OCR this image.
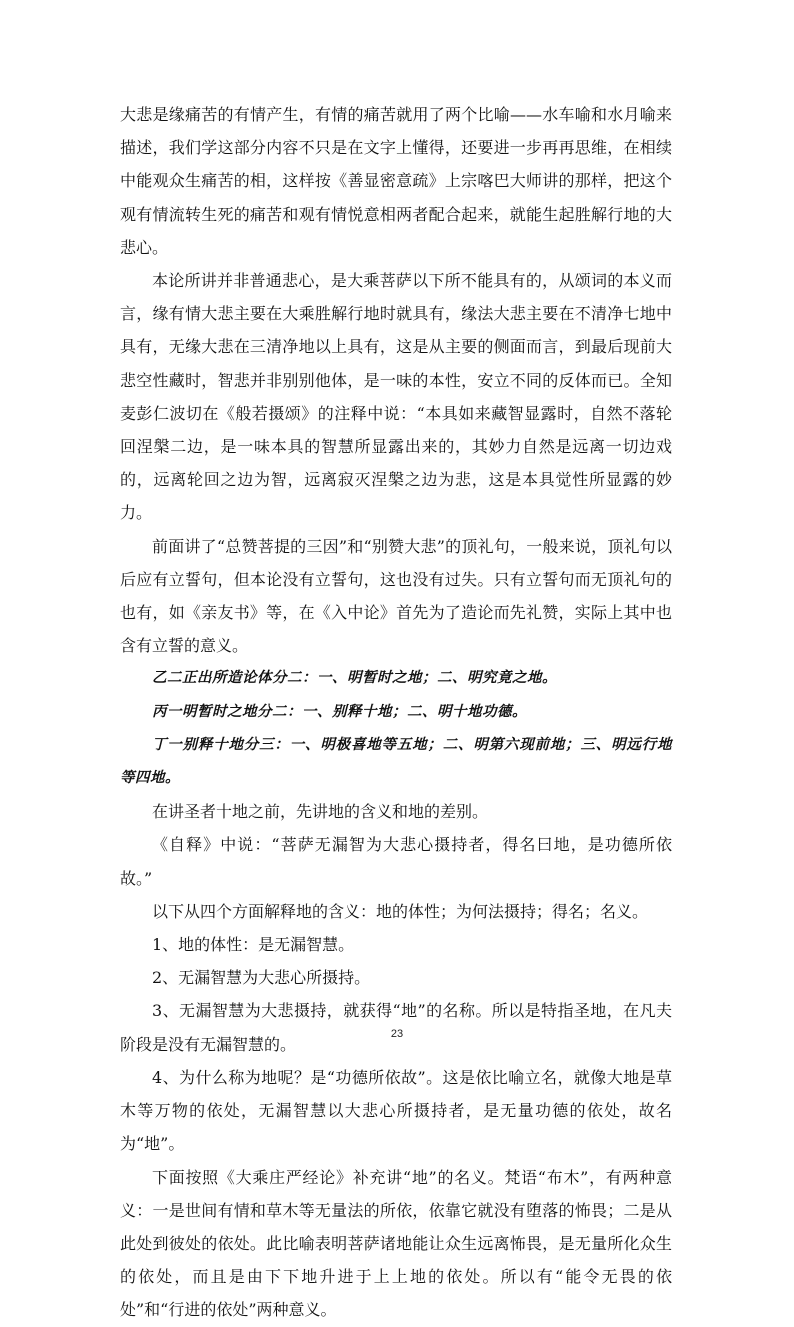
大悲是缘痛苦的有情产生，有情的痛苦就用了两个比喻——水车喻和水月喻来描述，我们学这部分内容不只是在文字上懂得，还要进一步再再思维，在相续中能观众生痛苦的相，这样按《善显密意疏》上宗喀巴大师讲的那样，把这个观有情流转生死的痛苦和观有情悦意相两者配合起来，就能生起胜解行地的大悲心。

本论所讲并非普通悲心，是大乘菩萨以下所不能具有的，从颂词的本义而言，缘有情大悲主要在大乘胜解行地时就具有，缘法大悲主要在不清净七地中具有，无缘大悲在三清净地以上具有，这是从主要的侧面而言，到最后现前大悲空性藏时，智悲并非别别他体，是一味的本性，安立不同的反体而已。全知麦彭仁波切在《般若摄颂》的注释中说：“本具如来藏智显露时，自然不落轮回涅槃二边，是一味本具的智慧所显露出来的，其妙力自然是远离一切边戏的，远离轮回之边为智，远离寂灭涅槃之边为悲，这是本具觉性所显露的妙力。

前面讲了“总赞菩提的三因”和“别赞大悲”的顶礼句，一般来说，顶礼句以后应有立誓句，但本论没有立誓句，这也没有过失。只有立誓句而无顶礼句的也有，如《亲友书》等，在《入中论》首先为了造论而先礼赞，实际上其中也含有立誓的意义。

乙二正出所造论体分二：一、明暂时之地；二、明究竟之地。

丙一明暂时之地分二：一、别释十地；二、明十地功德。

丁一别释十地分三：一、明极喜地等五地；二、明第六现前地；三、明远行地等四地。

在讲圣者十地之前，先讲地的含义和地的差别。

《自释》中说：“菩萨无漏智为大悲心摄持者，得名曰地，是功德所依故。”

以下从四个方面解释地的含义：地的体性；为何法摄持；得名；名义。

1、地的体性：是无漏智慧。

2、无漏智慧为大悲心所摄持。

3、无漏智慧为大悲摄持，就获得“地”的名称。所以是特指圣地，在凡夫阶段是没有无漏智慧的。

4、为什么称为地呢？是“功德所依故”。这是依比喻立名，就像大地是草木等万物的依处，无漏智慧以大悲心所摄持者，是无量功德的依处，故名为“地”。

下面按照《大乘庄严经论》补充讲“地”的名义。梵语“布木”，有两种意义：一是世间有情和草木等无量法的所依，依靠它就没有堕落的怖畏；二是从此处到彼处的依处。此比喻表明菩萨诸地能让众生远离怖畏，是无量所化众生的依处，而且是由下下地升进于上上地的依处。所以有“能令无畏的依处”和“行进的依处”两种意义。

23
